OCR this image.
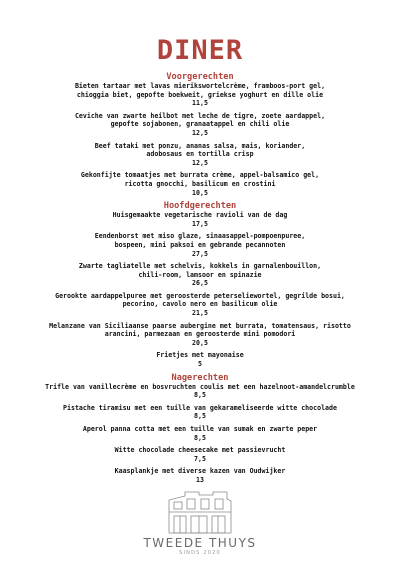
DINER
Voorgerechten
Bieten tartaar met lavas mierikswortelcrème, framboos-port gel,
chioggia biet, gepofte boekweit, griekse yoghurt en dille olie
11,5
Ceviche van zwarte heilbot met leche de tigre, zoete aardappel,
gepofte sojabonen, granaatappel en chili olie
12,5
Beef tataki met ponzu, ananas salsa, mais, koriander,
adobosaus en tortilla crisp
12,5
Gekonfijte tomaatjes met burrata crème, appel-balsamico gel,
ricotta gnocchi, basilicum en crostini
10,5
Hoofdgerechten
Huisgemaakte vegetarische ravioli van de dag
17,5
Eendenborst met miso glaze, sinaasappel-pompoenpuree,
bospeen, mini paksoi en gebrande pecannoten
27,5
Zwarte tagliatelle met schelvis, kokkels in garnalenbouillon,
chili-room, lamsoor en spinazie
26,5
Gerookte aardappelpuree met geroosterde peterseliewortel, gegrilde bosui,
pecorino, cavolo nero en basilicum olie
21,5
Melanzane van Siciliaanse paarse aubergine met burrata, tomatensaus, risotto
arancini, parmezaan en geroosterde mini pomodori
20,5
Frietjes met mayonaise
5
Nagerechten
Trifle van vanillecrème en bosvruchten coulis met een hazelnoot-amandelcrumble
8,5
Pistache tiramisu met een tuille van gekarameliseerde witte chocolade
8,5
Aperol panna cotta met een tuille van sumak en zwarte peper
8,5
Witte chocolade cheesecake met passievrucht
7,5
Kaasplankje met diverse kazen van Oudwijker
13
TWEEDE THUYS
SINDS 2020
